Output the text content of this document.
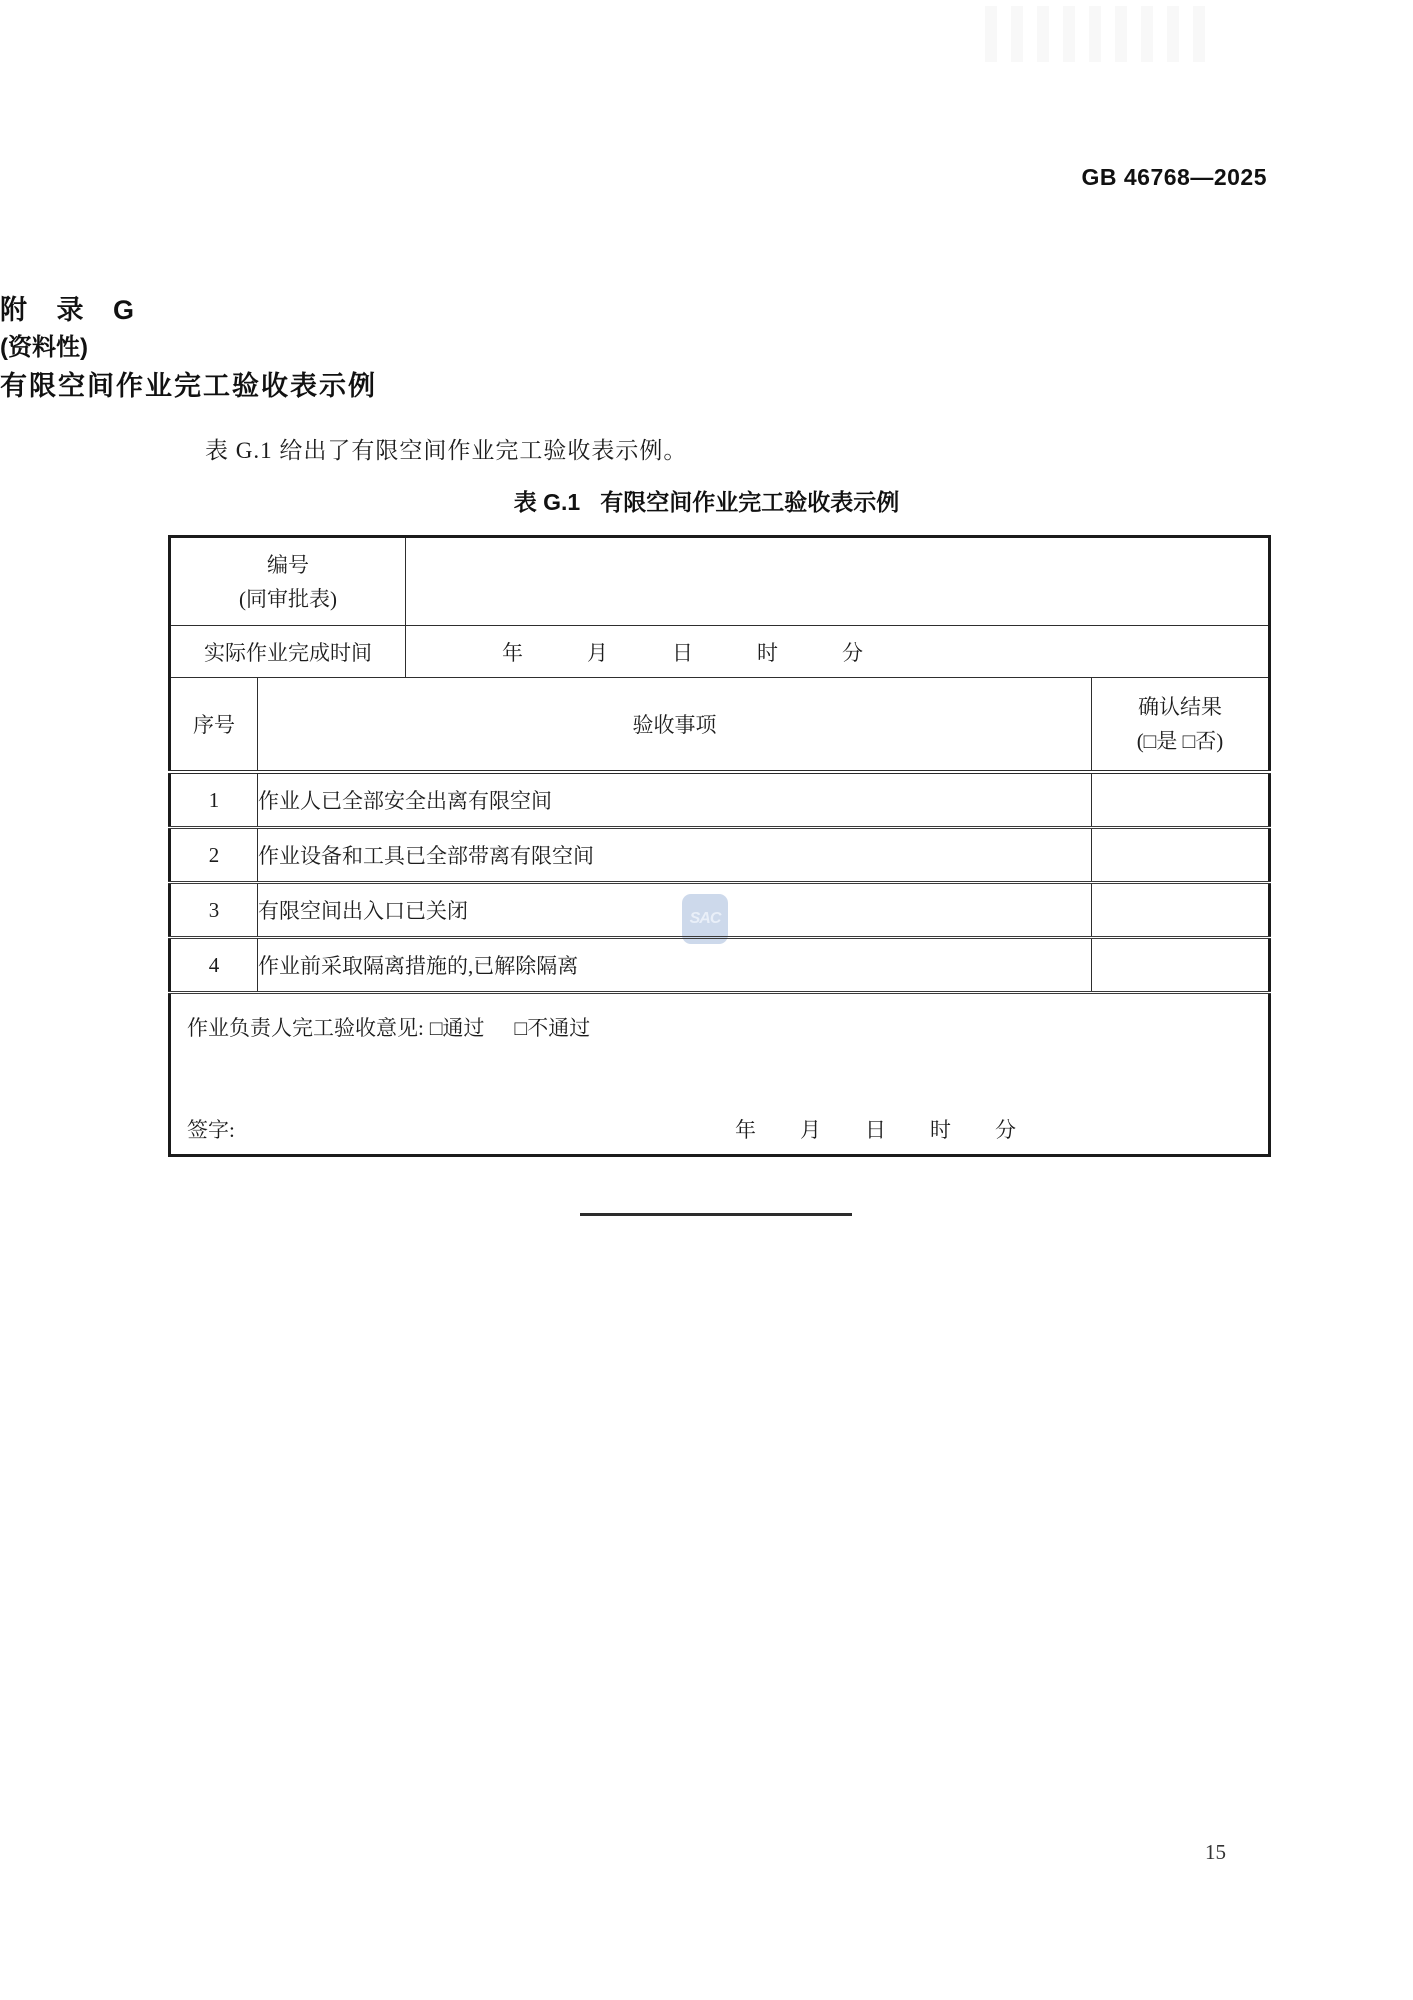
GB 46768—2025
附 录 G
(资料性)
有限空间作业完工验收表示例
表 G.1 给出了有限空间作业完工验收表示例。
表 G.1 有限空间作业完工验收表示例
SAC
编号
(同审批表)			

实际作业完成时间		年 月 日 时 分	

序号	验收事项		确认结果
(□是 □否)

1	作业人已全部安全出离有限空间		
2	作业设备和工具已全部带离有限空间		
3	有限空间出入口已关闭		
4	作业前采取隔离措施的,已解除隔离		

作业负责人完工验收意见: □通过 □不通过
签字:	年 月 日 时 分
15
